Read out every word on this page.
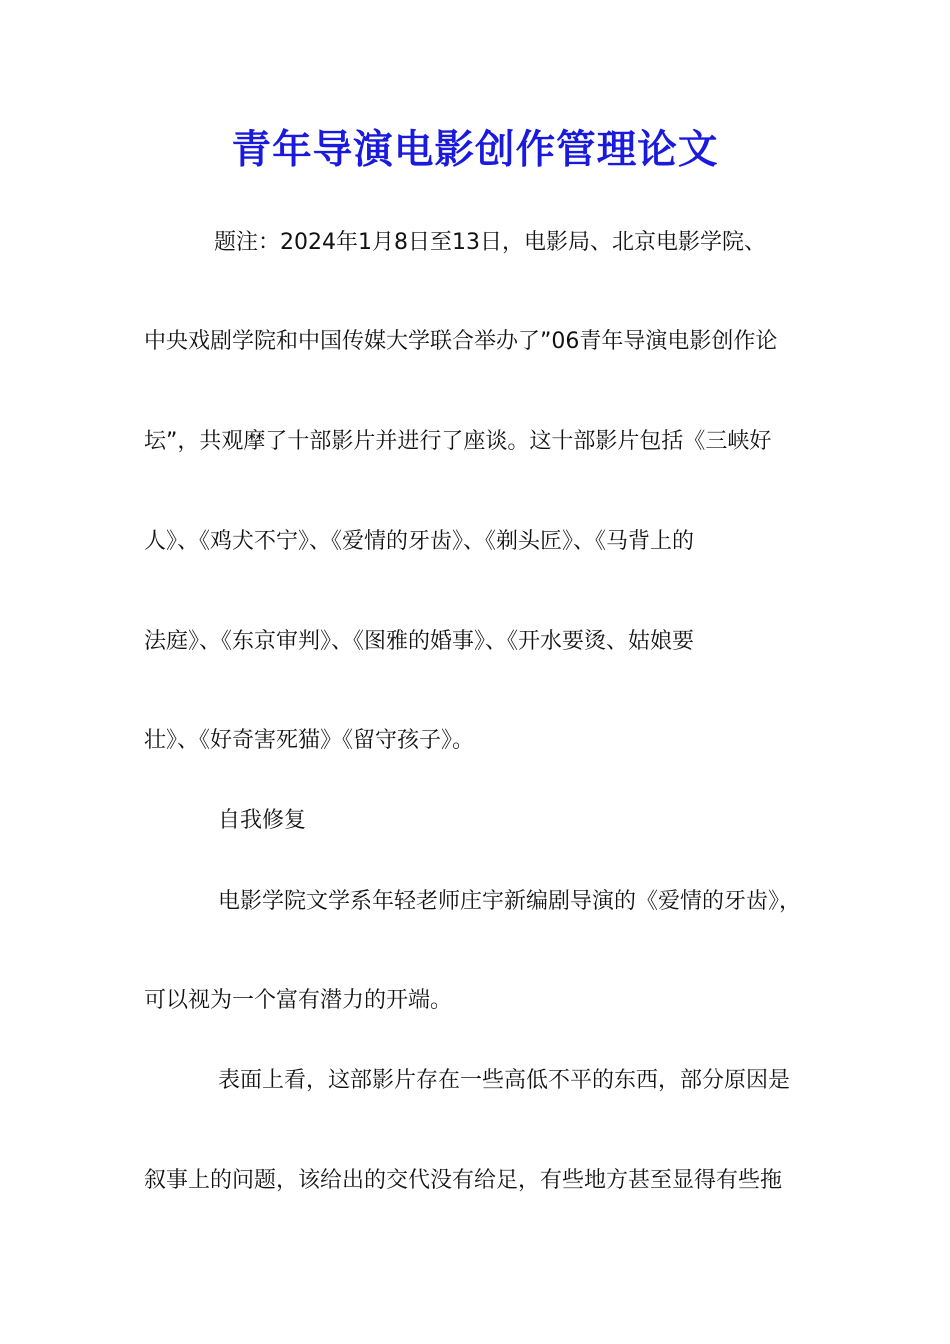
青年导演电影创作管理论文
题注：2024年1月8日至13日，电影局、北京电影学院、
中央戏剧学院和中国传媒大学联合举办了”06青年导演电影创作论
坛”，共观摩了十部影片并进行了座谈。这十部影片包括《三峡好
人》、《鸡犬不宁》、《爱情的牙齿》、《剃头匠》、《马背上的
法庭》、《东京审判》、《图雅的婚事》、《开水要烫、姑娘要
壮》、《好奇害死猫》《留守孩子》。
自我修复
电影学院文学系年轻老师庄宇新编剧导演的《爱情的牙齿》，
可以视为一个富有潜力的开端。
表面上看，这部影片存在一些高低不平的东西，部分原因是
叙事上的问题，该给出的交代没有给足，有些地方甚至显得有些拖
